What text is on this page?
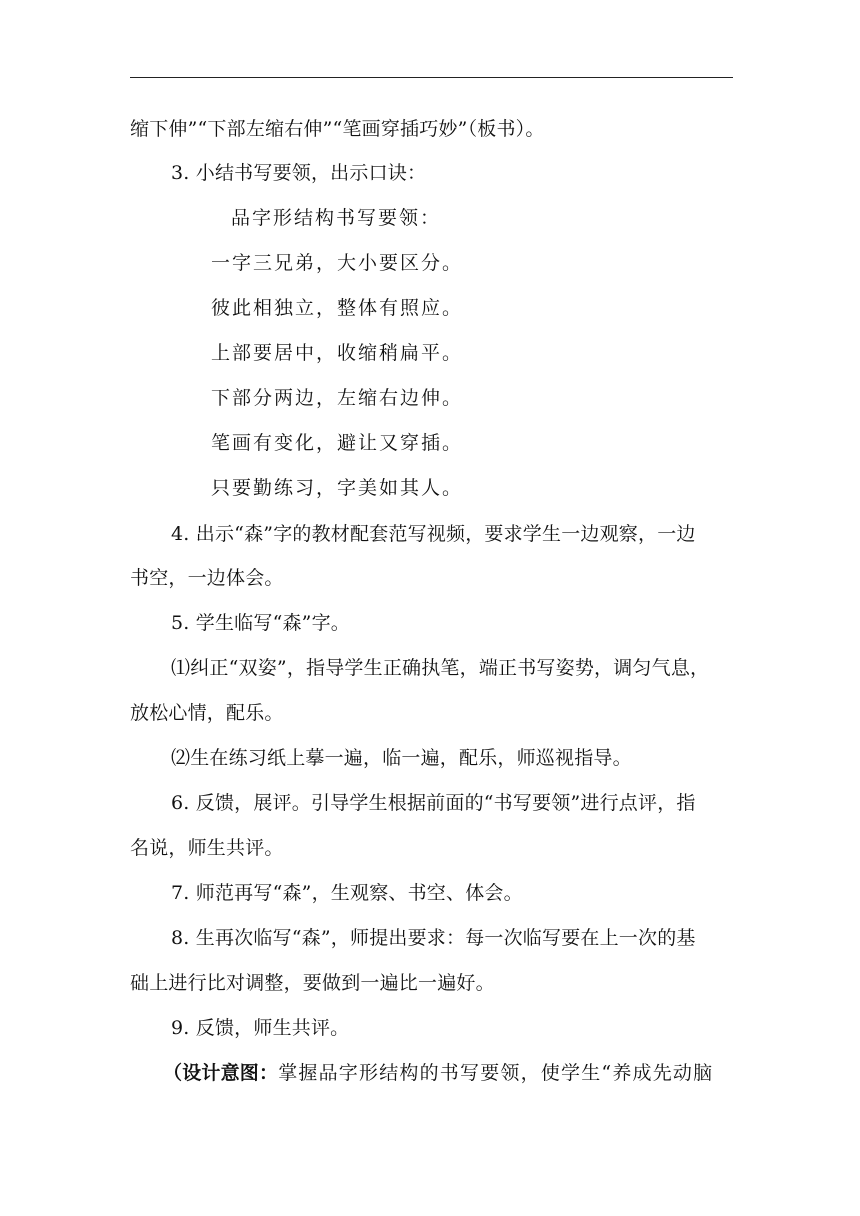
缩下伸”“下部左缩右伸”“笔画穿插巧妙”（板书）。
3. 小结书写要领，出示口诀：
品字形结构书写要领：
一字三兄弟，大小要区分。
彼此相独立，整体有照应。
上部要居中，收缩稍扁平。
下部分两边，左缩右边伸。
笔画有变化，避让又穿插。
只要勤练习，字美如其人。
4. 出示“森”字的教材配套范写视频，要求学生一边观察，一边
书空，一边体会。
5. 学生临写“森”字。
⑴纠正“双姿”，指导学生正确执笔，端正书写姿势，调匀气息，
放松心情，配乐。
⑵生在练习纸上摹一遍，临一遍，配乐，师巡视指导。
6. 反馈，展评。引导学生根据前面的“书写要领”进行点评，指
名说，师生共评。
7. 师范再写“森”，生观察、书空、体会。
8. 生再次临写“森”，师提出要求：每一次临写要在上一次的基
础上进行比对调整，要做到一遍比一遍好。
9. 反馈，师生共评。
（设计意图：掌握品字形结构的书写要领，使学生“养成先动脑
